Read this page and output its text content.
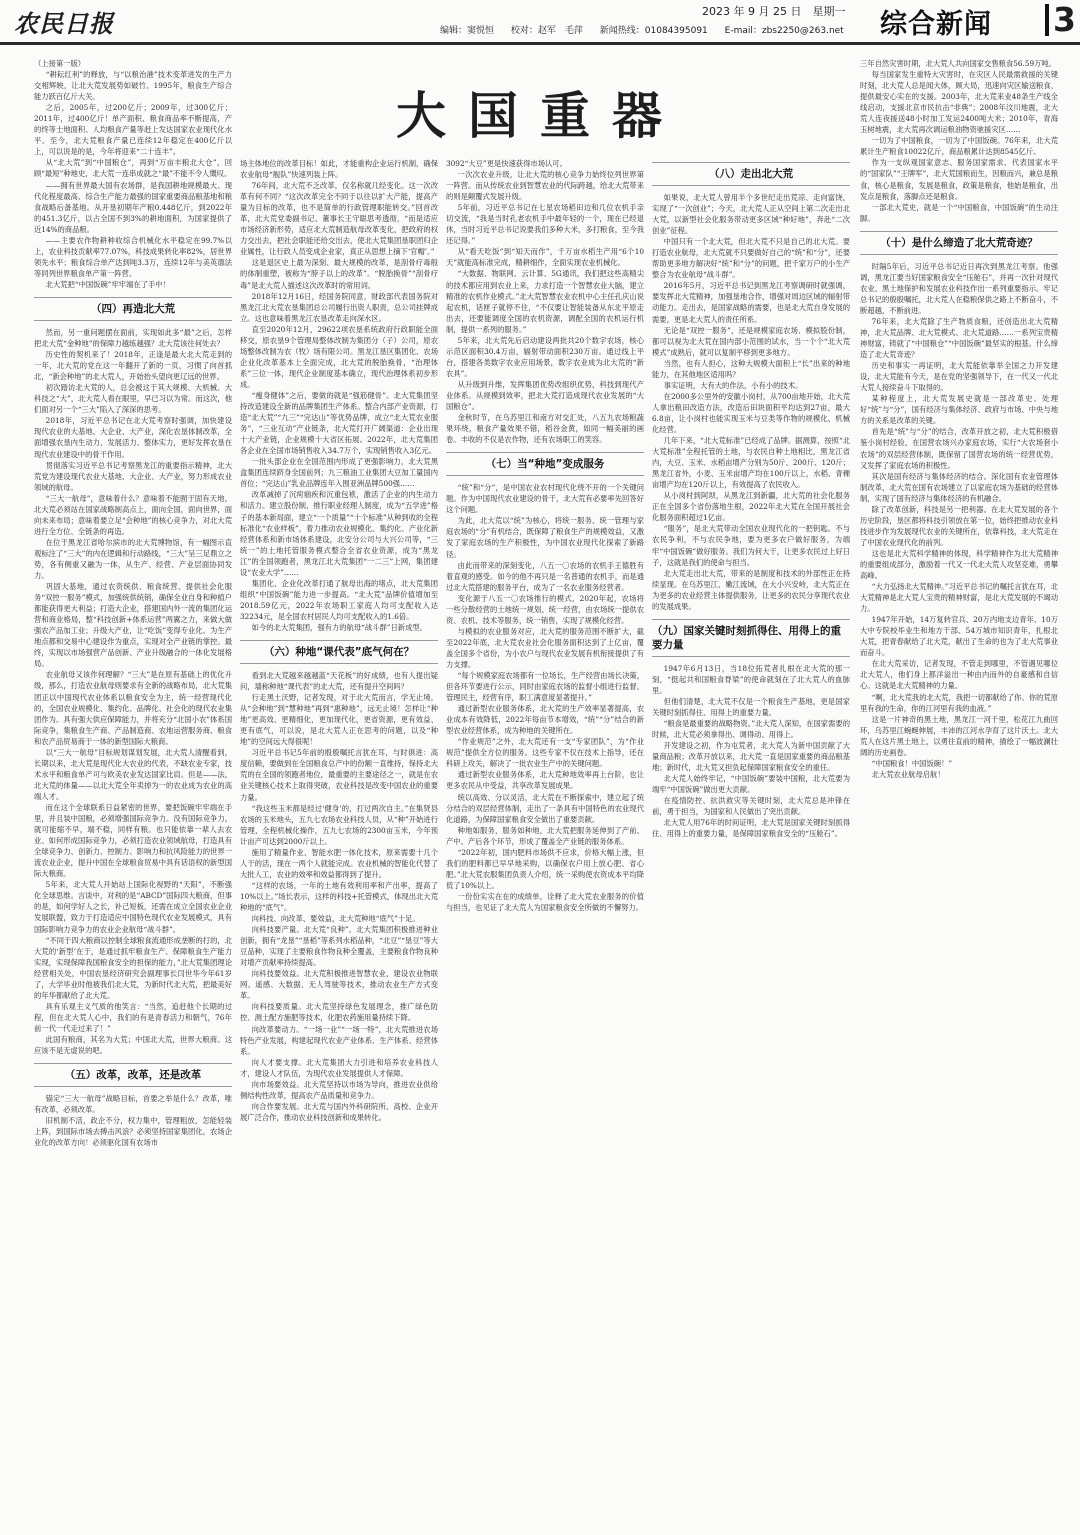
农民日报	2023 年 9 月 25 日　星期一
编辑：窦悦恒 校对：赵军　毛萍 新闻热线：01084395091 E-mail：zbs2250@263.net	综合新闻 3
大国重器

（上接第一版）

“耕耘红利”的释放，与“以粮治港”技术变革进发的生产力交相辉映，让北大荒发展势如破竹。1995年，粮食生产综合能力跃百亿斤大关。

之后，2005年，过200亿斤；2009年，过300亿斤；2011年，过400亿斤！单产面积、粮食商品率不断提高，产的终等士地面积、人均粮食产量等赶上发达国家农业现代化水平。至今，北大荒粮食产量已连续12年稳定在400亿斤以上，可以说是的是，今年将迎来“二十连丰”。

从“北大荒”到“中国粮仓”，再到“万亩丰粮北大仓”，回顾“最短”种地史，北大荒一连串成就之“最”不能不令人慨叹。

——拥有世界最大国有农场群，是我国耕地规模最大、现代化程度最高、综合生产能力最强的国家重要商品粮基地和粮食战略后备基地。从开垦初期年产粮0.448亿斤，到2022年的451.3亿斤，以占全国不到3%的耕地面积，为国家提供了近14%的商品粮。

——主要农作物耕种收综合机械化水平稳定在99.7%以上，农业科技贡献率77.07%，科技成果转化率82%，居世界领先水平；粮食综合单产达到吨3.3万，连续12年与美英德法等同列世界粮食单产第一阵营。

北大荒把“中国饭碗”牢牢端在了手中！

（四）再造北大荒

然而，另一重问题摆在面前，实现如此多“最”之后，怎样把北大荒“金种地”的保障力越练越强？北大荒该往何处去？

历史性的契机来了！2018年，正逢是最大北大荒走到的一年，北大荒的党在这一年翻开了新的一页，习惯了向首抓北，“新会种地”的北大荒人，开始抬头望向更辽远的世界。

初次踏访北大荒的人，总会被这于其大规模、大机械、大科技之“大”，北大荒人看在眼里，早已习以为常。而这次，他们面对另一个“三大”陷入了深深的思考。

2018年，习近平总书记在北大荒考察时强调，加快建设现代农业的大基地、大企业、大产业，深化农垦体制改革，全面增强农垦内生动力、发展活力、整体实力，更好发挥农垦在现代农业建设中的骨干作用。

贯彻落实习近平总书记考察黑龙江的重要指示精神，北大荒党为建设现代农业大基地、大企业、大产业，努力形成农业领域的航母。

“三大一航母”，意味着什么？意味着不能囿于固有天地，北大荒必须站在国家战略制高点上，面向全国，面向世界，面向未来布局；意味着要立足“会种地”的核心竞争力，对北大荒进行全方位、全链条的再造。

在位于黑龙江省哈尔滨市的北大荒博物馆，有一幅图示直观标注了“三大”的内在逻辑和行动路线，“三大”呈三足鼎立之势，各有侧重又融为一体，从生产、经营、产业层面协同发力。

巩固大基地，通过农资统供、粮食统营、提供社会化服务“双控一服务”模式，加强统供统销，确保全业自身和种植户都能获得更大利益；打造大企业，搭建国内外一流的集团化运营和商业格局，整“科技创新+体系运营”两翼之力，来做大做强农产品加工业；升级大产业，让“吃饭”变得专业化、为生产地点都和交易中心建设作为重点，实现对全产业链的掌控。最终，实现以市场强营产品创新、产业升级融合的一体化发展格局。

农业航母又该作何理解？“三大”是在原有基础上的优化升级，那么，打造农业航母则要求有全新的战略布局，北大荒集团正以中国现代农业体系以粮食安全为主，统一经营现代化的，全国农业规模化、集约化、品牌化、社会化的现代农业集团作为。具有强大供应保障能力，并将充分“北国小农”体系国际竞争，集粮食生产商、产品制造商、农地运营服务商、粮食和农产品贸易商于一体的新型国际大粮商。

以“三大一航母”目标规划谋划发展，北大荒人清醒看到，长期以来，北大荒是现代化大农业的代表，不缺农业专家，技术水平和粮食单产可与欧美农业发达国家比肩。但是——法，北大荒的体量——以北大荒全年卖掉为一的农业成为农业的高端人才。

而在这个全球联系日益紧密的世界，要把饭碗牢牢端在手里，并且装中国粮，必须增强国际竞争力。没有国际竞争力，就可能缩不早，端不稳，同样有粮。也只能依靠一辈人去农业、如何形成国际竞争力，必须打造农业领域航母，打造具有全球竞争力、创新力、控制力、影响力和抗风险能力的世界一流农业企业，提升中国在全球粮食贸易中具有话语权的新型国际大粮商。

5年来，北大荒人开始站上国际化视野的“天阳”，不断强化全球思维。言谈中，对利的是“ABCD”国际四大粮商，但事的是，如何学好人之长，补己短板，还需在成立全国农业企业发展联盟，致力于打造适应中国特色现代农业发展模式，具有国际影响力竞争力的农业企业航母“战斗群”。

“不同于四大粮商以控制全球粮食流通形成垄断的打的，北大荒的‘新型’在于，是通过抓牢粮食生产、保障粮食生产能力实现，实现保障我国粮食安全的担保的能力，”北大荒集团理论经营相关处，中国农垦经济研究会副理事长闫世华今年61岁了，大学毕业时他被我们北大荒，为新时代北大荒，把最美好的年华都献给了北大荒。

具有乐观主义气质的他笑言：“当然，追赶他个长期的过程，但在北大荒人心中，我们的有是青春活力和朝气，76年前一代一代走过来了！”

此国有粮商，其名为大荒；中国北大荒，世界大粮商。这应该不是无虚说的吧。

（五）改革，改革，还是改革

锚定“三大一航母”战略目标，首要之举是什么？改革，唯有改革，必须改革。

旧机制不活，政企不分，权力集中，管理粗放，怎能轻装上阵，到国际市场去搏击风浪？必须坚持国家集团化，农场企业化的改革方向！必须驱化国有农场市

场主体地位的改革目标！如此，才能重构企业运行机制，确保农业航母“舰队”快速列装上阵。

76年间，北大荒不乏改革，仅名称就几经变化。这一次改革有何不同？“这次改革完全不同于以往以扩大产能，提高产量为目标的改革，也不是简单的行政管理职能转交。”回首改革，北大荒党委副书记、董事长王守聪思考透彻，“而是适应市场经济新形势，适应北大荒制造航母改革变化，把政府的权力交出去，把社会职能还给交出去，使北大荒集团垦职团归企业属性，让行政人员变成企业家，真正从思想上摘下‘官帽’。”

这是退区史上最为深刻、最大规模的改革，是刮骨疗毒般的体制重塑，被称为“脖子以上的改革”。“脱胎换骨”“刮骨疗毒”是北大荒人描述这次改革时的常用词。

2018年12月16日，经国务院同意，财政部代表国务院对黑龙江北大荒农垦集团总公司履行出资人职责，总公司挂牌成立。这也意味着黑龙江农垦改革走向深水区。

直至2020年12月，29622项农垦系统政府行政职能全面移交，原农垦9个管理局整体改制为集团分（子）公司，原农场整体改制为农（牧）场有限公司。黑龙江垦区集团化、农场企业化改革基本上全面完成，北大荒的脱胎换骨，“治理体系”三位一体，现代企业制度基本确立，现代治理体系初步形成。

“瘦身健体”之后，要做的就是“强筋健骨”。北大荒集团坚持改造建设全新的品牌集团生产体系。整合内部产业资源，打造“北大荒”“九三”“完达山”等优势品牌，成立“北大荒农业服务”，“三业互动”产业链条，北大荒打开广阔渠道：企业出现十大产业链，企业规模十大省区拓展。2022年，北大荒集团各企业在全国市场销售收入34.7万个，实现销售收入3亿元。

一批头部企业在全国范围内形成了更强影响力，北大荒黑盒集团连续跻身全国前列；九三粮油工业集团大豆加工量国内首位；“完达山”乳业品牌连年入围亚洲品牌500强……

改革减掉了沉疴痼疾和沉重包袱，激活了企业的内生动力和活力。建立股份制、推行职业经理人制度，成为“五学进”格子的基本新局面，建立“一个质量”“十个标准”从种到收的全程标准化“农业样板”，着力推动农业规模化、集约化、产业化新经营体系和新市场体系建设，北安分公司与大兴公司等，“三统一”的土地托管服务模式整合全省农业资源，成为“黑龙江”的全国领跑者，黑龙江北大荒集团“一二三”上网，集团建设“农业大学”……

集团化、企业化改革打通了航母出海的堵点，北大荒集团组织“中国饭碗”能力进一步提高。“北大荒”品牌价值增加至2018.59亿元，2022年农场职工家庭人均可支配收入达32234元，是全国农村居民人均可支配收入的1.6倍。

如今的北大荒集团，强有力的航母“战斗群”日新成型。

（六）种地“课代表”底气何在？

看到北大荒越来越越蓝“天花板”的好成绩，也有人提出疑问，墙称种地“课代表”的北大荒，还有提升空间吗？

行走黑土沃野，记者发现，对于北大荒而言，学无止境，从“会种地”到“慧种地”再到“惠种地”，远无止境！怎样让“种地”更高效、更精细化，更加现代化，更省资源，更有效益、更有底气，可以说，是北大荒人正在思考的问题，以及“种地”的空间远大得很呢！

习近平总书记5年前的殷殷嘱托言犹在耳，与时俱进：高度信赖，要做到在全国粮食总产中的份额一直维持，保持北大荒的在全国的领跑者地位，最重要的主要途径之一，就是在农业关键核心技术上取得突破，农业科技是改变中国农业的重要力量。

“我这些玉米都是经过‘健身’的，打过两次自主。”在集贤县农场的玉米地头，五九七农场农业科技人员，从“种”开始进行管理，全程机械化操作，五九七农场的2300亩玉米，今年预计亩产可达到2000斤以上。

施用了精量作业、智能水肥一体化技术，原来需要十几个人干的活，现在一两个人就能完成。农业机械的智能化代替了大批人工，农业的效率和效益都得到了提升。

“这样的农场，一年的土地有效利用率和产出率，提高了10%以上。”场长表示，这样的科技+托管模式，体现出北大荒种地的“底气”。

向科技、向改革、要效益，北大荒种地“底气”十足。

向科技要产量。北大荒“良种”。北大荒集团积极推进种业创新，拥有“龙垦”“垦稻”等系列水稻品种，“北豆”“垦豆”等大豆品种，实现了主要粮食作物良种全覆盖，主要粮食作物良种对增产贡献率持续提高。

向科技要效益。北大荒积极推进智慧农业，建设农业物联网、遥感、大数据、无人驾驶等技术，推动农业生产方式变革。

向科技要质量。北大荒坚持绿色发展理念，推广绿色防控、测土配方施肥等技术，化肥农药施用量持续下降。

向改革要动力。“一场一业”“一场一特”，北大荒推进农场特色产业发展，构建起现代农业产业体系、生产体系、经营体系。

向人才要支撑。北大荒集团大力引进和培养农业科技人才，建设人才队伍，为现代农业发展提供人才保障。

向市场要效益。北大荒坚持以市场为导向，推进农业供给侧结构性改革，提高农产品质量和竞争力。

向合作要发展。北大荒与国内外科研院所、高校、企业开展广泛合作，推动农业科技创新和成果转化。

3092“大豆”更是快速获得市场认可。

一次次农业升级，让北大荒的核心竞争力始终位列世界第一阵营。而从传统农业到智慧农业的代际跨越，给北大荒带来的则是颠覆式发展升级。

5年前，习近平总书记在七星农场稻田边和几位农机手亲切交流，“我是当时孔老农机手中最年轻的一个，现在已经退休，当时习近平总书记说要我们多种大米，多打粮食，至今我还记得。”

从“看天吃饭”到“知天而作”，千万亩水稻生产用“6个10天”就能高标准完成，精耕细作，全面实现农业机械化。

“大数据、物联网、云计算、5G通讯，我们把这些高精尖的技术都应用到农业上来，力求打造一个智慧农业大脑，建立精准的农机作业模式。”北大荒智慧农业农机中心主任孔庆山说起农机，话匣子就停不住，“不仅要让智能装备从东北平原走出去，还要能调度全国的农机资源，调配全国的农机运行机制，提供一系列的服务。”

5年来，北大荒先后启动建设两批共20个数字农场，核心示范区面积30.4万亩，辐射带动面积230万亩。通过线上平台，搭建各类数字农业应用场景，数字农业成为北大荒的“新农具”。

从升级到升维，发挥集团优势改组织优势，科技到现代产业体系。从规模到效率，把北大荒打造成现代农业发展的“大国粮仓”。

金秋时节，在乌苏里江和南方对交汇处，八五九农场粮蔬果环绕，粮食产量效果不错，稻谷金黄，如同一幅美丽的画卷。丰收的不仅是农作物，还有农场职工的笑容。

（七）当“种地”变成服务

“统”和“分”，是中国农业农村现代化绕不开的一个关键问题。作为中国现代农业建设的骨干，北大荒有必要率先回答好这个问题。

为此，北大荒以“统”为核心，将统一服务、统一管理与家庭农场的“分”有机结合，既保障了粮食生产的规模效益，又激发了家庭农场的生产积极性，为中国农业现代化探索了新路径。

由此而带来的深刻变化，八五一〇农场的农机手王德胜有着直观的感受。如今的他不再只是一名普通的农机手，而是通过北大荒搭建的服务平台，成为了一名农业服务经营者。

变化源于八五一〇农场推行的模式，2020年起，农场将一些分散经营的土地统一规划、统一经营，由农场统一提供农资、农机、技术等服务，统一销售，实现了规模化经营。

与模拟的农业服务对应，北大荒的服务范围不断扩大，截至2022年底，北大荒农业社会化服务面积达到了上亿亩，覆盖全国多个省份，为小农户与现代农业发展有机衔接提供了有力支撑。

“每个规模家庭农场都有一位场长，生产经营由场长决策，但各环节要进行公示，同时由家庭农场的监督小组进行监督。管理民主，经营有序，职工满意度显著提升。”

通过新型农业服务体系，北大荒的生产效率显著提高，农业成本有效降低，2022年每亩节本增效，“统”“分”结合的新型农业经营体系，成为种地的关键所在。

“作业规范”之外，北大荒还有一支“专家团队”，为“作业规范”提供全方位的服务。这些专家不仅在技术上指导，还在科研上攻关，解决了一批农业生产中的关键问题。

通过新型农业服务体系，北大荒种地效率再上台阶，也让更多农民从中受益，共享改革发展成果。

统以高效、分以灵活，北大荒在不断探索中，建立起了统分结合的双层经营体制，走出了一条具有中国特色的农业现代化道路，为保障国家粮食安全做出了重要贡献。

种地如服务，服务如种地，北大荒把服务延伸到了产前、产中、产后各个环节，形成了覆盖全产业链的服务体系。

“2022年初，国内肥料市场供不应求，价格大幅上涨，但我们的肥料都已早早地采购，以确保农户用上放心肥、省心肥。”北大荒农服集团负责人介绍，统一采购使农资成本平均降低了10%以上。

一份份实实在在的成绩单，诠释了北大荒农业服务的价值与担当，也见证了北大荒人为国家粮食安全所做的不懈努力。

（八）走出北大荒

如果说，北大荒人曾用半个多世纪走出荒凉、走向富饶，实现了“一次创业”；今天，北大荒人正从空间上第二次走出北大荒，以新型社会化服务带动更多区域“种好地”，奔赴“二次创业”征程。

中国只有一个北大荒，但北大荒不只是自己的北大荒。要打造农业航母，北大荒就不只要做好自己的“统”和“分”，还要帮助更多地方解决好“统”和“分”的问题，把千家万户的小生产整合为农业航母“战斗群”。

2016年5月，习近平总书记到黑龙江考察调研时就强调，要发挥北大荒精神，加强垦地合作，增强对周边区域的辐射带动能力。走出去，是国家战略的需要，也是北大荒自身发展的需要，更是北大荒人的责任所系。

无论是“双控一服务”，还是规模家庭农场、模拟股份制，都可以视为北大荒在国内部小范围的试水，当一个个“北大荒模式”成熟后，就可以复制平移到更多地方。

当然，也有人担心，这种大规模大面积上“长”出来的种地能力，在其他地区适用吗？

事实证明，大有大的作法，小有小的技术。

在2000多公里外的安徽小岗村，从700亩地开始，北大荒人拿出粮田改造方法，改造后田块面积平均达到27亩，最大6.8亩，让小岗村也能实现玉米与豆类等作物的规模化、机械化经营。

几年下来，“北大荒标准”已经成了品牌。据测算，按照“北大荒标准”全程托管的土地，与农民自种土地相比，黑龙江省内，大豆、玉米、水稻亩增产分别为50斤、200斤、120斤；黑龙江省外，小麦、玉米亩增产均在100斤以上，水稻、青稞亩增产均在120斤以上，有效提高了农民收入。

从小岗村到阿坝，从黑龙江到新疆，北大荒的社会化服务正在全国多个省份落地生根，2022年北大荒在全国开展社会化服务面积超过1亿亩。

“服务”，是北大荒带动全国农业现代化的一把钥匙。不与农民争利，不与农民争地，要为更多农户做好服务，为端牢“中国饭碗”做好服务。我们为何大干，让更多农民过上好日子，这就是我们的使命与担当。

北大荒走出北大荒，带来的是制度和技术的外部性正在持续显现。在乌苏里江、嫩江流域，在大小兴安岭，北大荒正在为更多的农业经营主体提供服务，让更多的农民分享现代农业的发展成果。

（九）国家关键时刻抓得住、用得上的重要力量

1947年6月13日，当18位拓荒者扎根在北大荒的那一刻，“挺起共和国粮食脊梁”的使命就刻在了北大荒人的血脉里。

但他们清楚，北大荒不仅是一个粮食生产基地，更是国家关键时刻抓得住、用得上的重要力量。

“粮食是最重要的战略物资。”北大荒人深知，在国家需要的时候，北大荒必须拿得出、调得动、用得上。

开发建设之初，作为屯荒者，北大荒人为新中国贡献了大量商品粮；改革开放以来，北大荒一直是国家重要的商品粮基地；新时代，北大荒又担负起保障国家粮食安全的重任。

北大荒人始终牢记，“中国饭碗”要装中国粮，北大荒要为端牢“中国饭碗”做出更大贡献。

在疫情防控、抗洪救灾等关键时刻，北大荒总是冲锋在前，勇于担当，为国家和人民做出了突出贡献。

北大荒人用76年的时间证明，北大荒是国家关键时刻抓得住、用得上的重要力量，是保障国家粮食安全的“压舱石”。

三年自然灾害时期，北大荒人共向国家交售粮食56.59万吨。

每当国家发生重特大灾害时，在灾区人民最需救援的关键时刻，北大荒人总是闻大体，顾大局，迅速向灾区输送粮食，提供最安心实在的支援。2003年，北大荒来业48条生产线全线启动，支援北京市民抗击“非典”；2008年汶川地震，北大荒人连夜援送48小时加工发运2400吨大米；2010年，青海玉树地震，北大荒再次调运粮油物资驰援灾区……

一切为了中国粮食，一切为了中国饭碗。76年来，北大荒累计生产粮食10022亿斤，商品粮累计达到8545亿斤。

作为一支纵观国家意志、服务国家需求、代表国家水平的“国家队”“王牌军”，北大荒国粮而生，因粮而兴，兼总是粮食，核心是粮食，发展是粮食，政策是粮食，他始是粮食，出发点是粮食，落脚点还是粮食。

一部北大荒史，就是一个“中国粮食，中国饭碗”的生动注脚。

（十）是什么缔造了北大荒奇迹？

时隔5年后，习近平总书记近日再次到黑龙江考察。他强调，黑龙江要当好国家粮食安全“压舱石”，并再一次针对现代农业、黑土地保护和发展农业科技作出一系列重要指示。牢记总书记的殷殷嘱托，北大荒人在稳粮保供之路上不断奋斗，不断超越，不断前进。

76年来，北大荒除了生产物质食粮，还创造出北大荒精神，北大荒品牌、北大荒模式、北大荒道路……一系列宝贵精神财富，铸就了“中国粮仓”“中国饭碗”最坚实的根基。什么缔造了北大荒奇迹？

历史和事实一再证明，北大荒能依靠举全国之力开发建设，北大荒能有今天，是在党的坚强领导下，在一代又一代北大荒人接续奋斗下取得的。

某种程度上，北大荒发展史就是一部改革史。处理好“统”与“分”，国有经济与集体经济、政府与市场、中央与地方的关系是改革的关键。

首先是“统”与“分”的结合，改革开放之初，北大荒积极借鉴小岗村经验，在国营农场兴办家庭农场，实行“大农场套小农场”的双层经营体制，既保留了国营农场的统一经营优势，又发挥了家庭农场的积极性。

其次是国有经济与集体经济的结合。深化国有农业管理体制改革，北大荒在国有农场建立了以家庭农场为基础的经营体制，实现了国有经济与集体经济的有机融合。

除了改革创新，科技是另一把利器。在北大荒发展的各个历史阶段，垦区都将科技引领放在第一位，始终把推动农业科技进步作为发展现代农业的关键所在，依靠科技，北大荒走在了中国农业现代化的前列。

这也是北大荒科学精神的体现，科学精神作为北大荒精神的重要组成部分，激励着一代又一代北大荒人攻坚克难，勇攀高峰。

“大力弘扬北大荒精神。”习近平总书记的嘱托言犹在耳，北大荒精神是北大荒人宝贵的精神财富，是北大荒发展的不竭动力。

1947年开始，14万复转官兵、20万内地支边青年、10万大中专院校毕业生和地方干部、54万城市知识青年，扎根北大荒，把青春献给了北大荒，献出了生命的也为了北大荒事业而奋斗。

在北大荒采访，记者发现，不管走到哪里，不管遇见哪位北大荒人，他们身上都洋溢出一种由内而外的自豪感和自信心。这就是北大荒精神的力量。

“啊，北大荒我的北大荒，我把一切都献给了你。你的荒原里有我的生命，你的江河里有我的血液。”

这是一片神奇的黑土地，黑龙江一河千里，松花江九曲回环，乌苏里江蜿蜒伸展，丰沛的江河水孕育了这片沃土。北大荒人在这片黑土地上，以勇往直前的精神，描绘了一幅波澜壮阔的历史画卷。

“中国粮食！中国饭碗！”

北大荒农业航母启航！
